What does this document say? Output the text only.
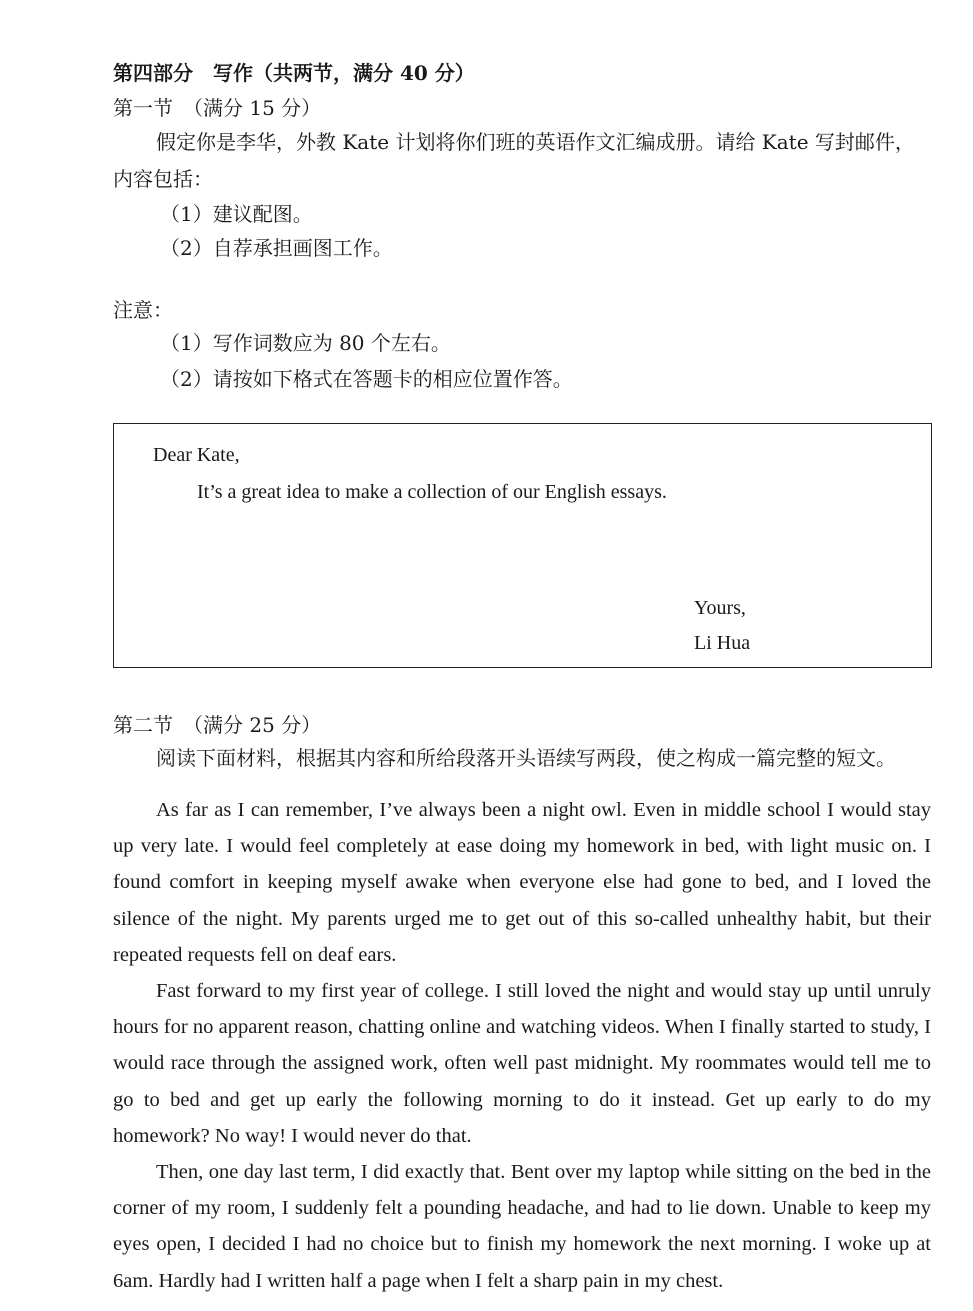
第四部分　写作（共两节，满分 40 分）
第一节　（满分 15 分）
假定你是李华，外教 Kate 计划将你们班的英语作文汇编成册。请给 Kate 写封邮件，
内容包括：
（1）建议配图。
（2）自荐承担画图工作。
注意：
（1）写作词数应为 80 个左右。
（2）请按如下格式在答题卡的相应位置作答。
Dear Kate,
It’s a great idea to make a collection of our English essays.
Yours,
Li Hua
第二节　（满分 25 分）
阅读下面材料，根据其内容和所给段落开头语续写两段，使之构成一篇完整的短文。
As far as I can remember, I’ve always been a night owl. Even in middle school I would stay up very late. I would feel completely at ease doing my homework in bed, with light music on. I found comfort in keeping myself awake when everyone else had gone to bed, and I loved the silence of the night. My parents urged me to get out of this so-called unhealthy habit, but their repeated requests fell on deaf ears.
Fast forward to my first year of college. I still loved the night and would stay up until unruly hours for no apparent reason, chatting online and watching videos. When I finally started to study, I would race through the assigned work, often well past midnight. My roommates would tell me to go to bed and get up early the following morning to do it instead. Get up early to do my homework? No way! I would never do that.
Then, one day last term, I did exactly that. Bent over my laptop while sitting on the bed in the corner of my room, I suddenly felt a pounding headache, and had to lie down. Unable to keep my eyes open, I decided I had no choice but to finish my homework the next morning. I woke up at 6am. Hardly had I written half a page when I felt a sharp pain in my chest.
